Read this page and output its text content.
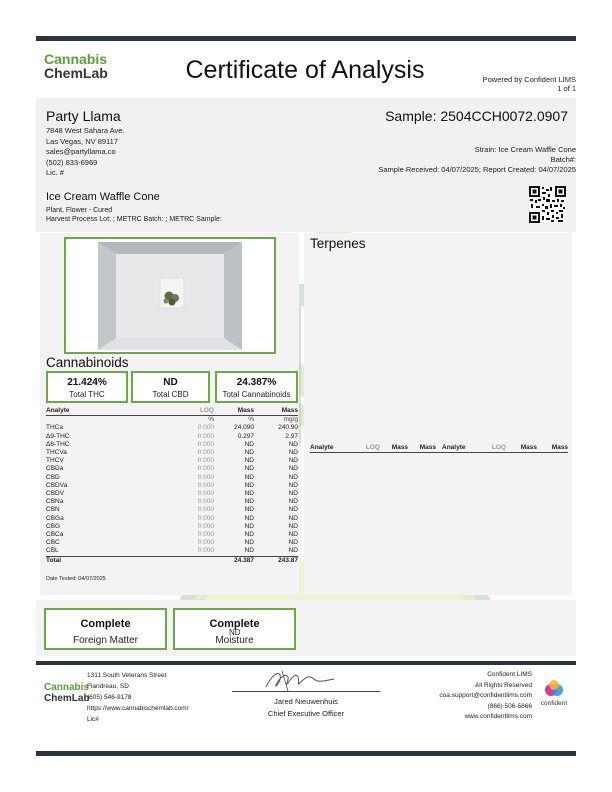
Cannabis
ChemLab	Certificate of Analysis	Powered by Confident LIMS
1 of 1
Party Llama
7848 West Sahara Ave.
Las Vegas, NV 89117
sales@partyllama.co
(502) 833-6969
Lic. #
Sample: 2504CCH0072.0907
Strain: Ice Cream Waffle Cone
Batch#:
Sample Received: 04/07/2025; Report Created: 04/07/2025
Ice Cream Waffle Cone
Plant, Flower - Cured
Harvest Process Lot: ; METRC Batch: ; METRC Sample:
Cannabinoids
21.424%
Total THC
ND
Total CBD
24.387%
Total Cannabinoids
Analyte	LOQ	Mass	Mass
	%	%	mg/g
THCa	0.000	24.090	240.90
Δ9-THC	0.000	0.297	2.97
Δ8-THC	0.000	ND	ND
THCVa	0.000	ND	ND
THCV	0.000	ND	ND
CBDa	0.000	ND	ND
CBD	0.000	ND	ND
CBDVa	0.000	ND	ND
CBDV	0.000	ND	ND
CBNa	0.000	ND	ND
CBN	0.000	ND	ND
CBGa	0.000	ND	ND
CBG	0.000	ND	ND
CBCa	0.000	ND	ND
CBC	0.000	ND	ND
CBL	0.000	ND	ND
Total		24.387	243.87
Date Tested: 04/07/2025
Terpenes
Analyte	LOQ	Mass	Mass	Analyte	LOQ	Mass	Mass
Complete
Foreign Matter
Complete
Moisture
ND
Cannabis
ChemLab
1311 South Veterans Street
Flandreau, SD
(605) 546-9178
https://www.cannabischemlab.com/
Lic#
Jared Nieuwenhuis
Chief Executive Officer
Confident LIMS
All Rights Reserved
coa.support@confidentlims.com
(866) 506-5866
www.confidentlims.com
confident
